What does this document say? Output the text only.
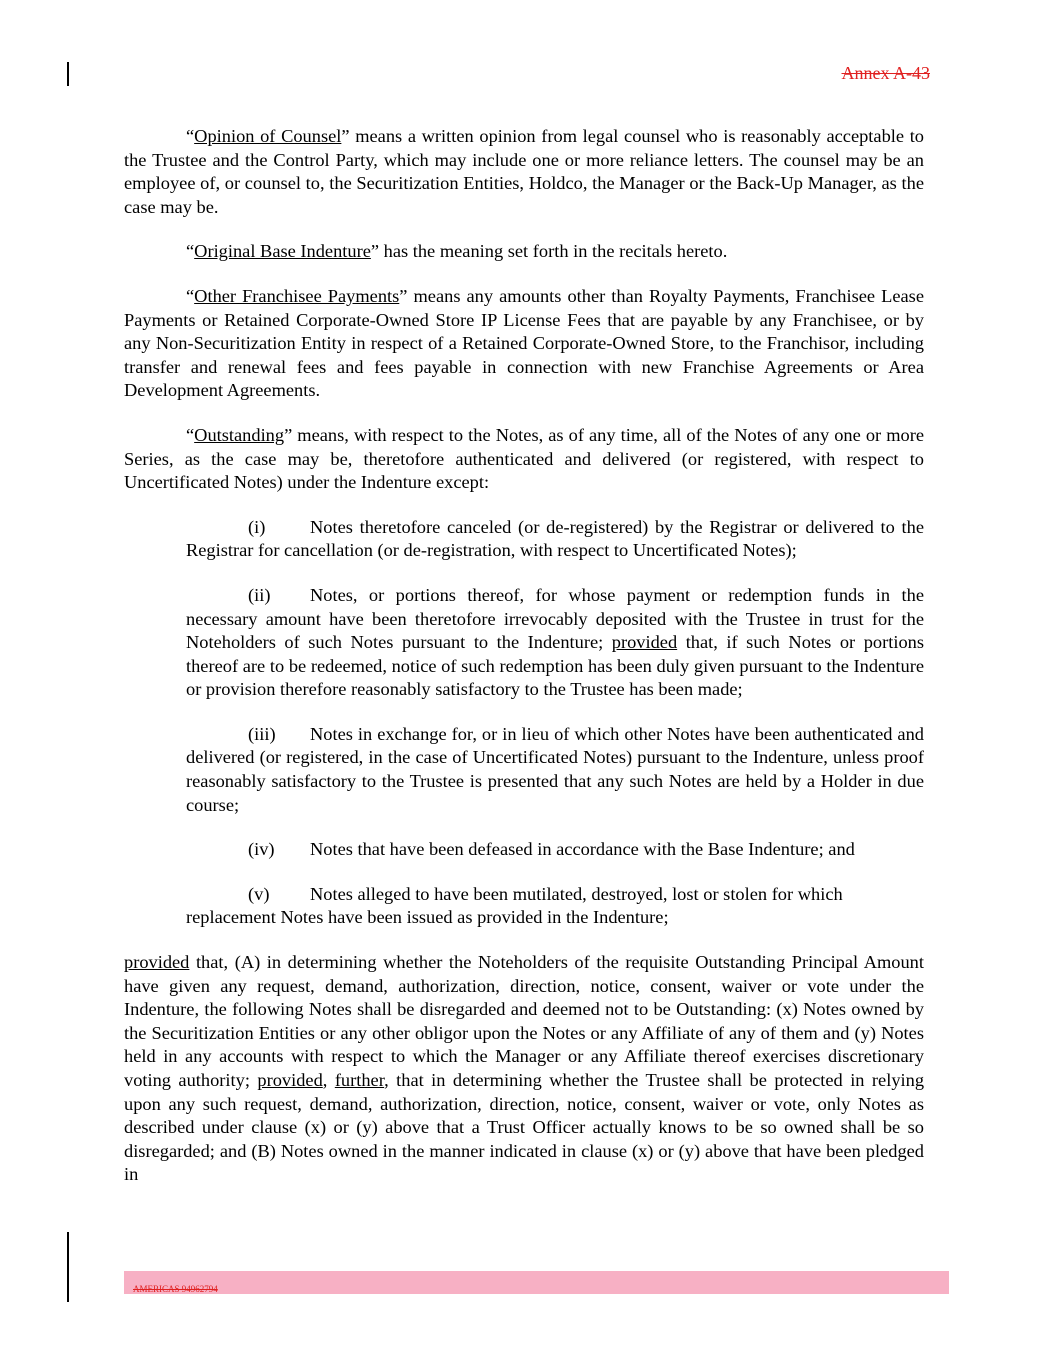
Annex A-43

“Opinion of Counsel” means a written opinion from legal counsel who is reasonably acceptable to the Trustee and the Control Party, which may include one or more reliance letters. The counsel may be an employee of, or counsel to, the Securitization Entities, Holdco, the Manager or the Back-Up Manager, as the case may be.

“Original Base Indenture” has the meaning set forth in the recitals hereto.

“Other Franchisee Payments” means any amounts other than Royalty Payments, Franchisee Lease Payments or Retained Corporate-Owned Store IP License Fees that are payable by any Franchisee, or by any Non-Securitization Entity in respect of a Retained Corporate-Owned Store, to the Franchisor, including transfer and renewal fees and fees payable in connection with new Franchise Agreements or Area Development Agreements.

“Outstanding” means, with respect to the Notes, as of any time, all of the Notes of any one or more Series, as the case may be, theretofore authenticated and delivered (or registered, with respect to Uncertificated Notes) under the Indenture except:

(i) Notes theretofore canceled (or de-registered) by the Registrar or delivered to the Registrar for cancellation (or de-registration, with respect to Uncertificated Notes);

(ii) Notes, or portions thereof, for whose payment or redemption funds in the necessary amount have been theretofore irrevocably deposited with the Trustee in trust for the Noteholders of such Notes pursuant to the Indenture; provided that, if such Notes or portions thereof are to be redeemed, notice of such redemption has been duly given pursuant to the Indenture or provision therefore reasonably satisfactory to the Trustee has been made;

(iii) Notes in exchange for, or in lieu of which other Notes have been authenticated and delivered (or registered, in the case of Uncertificated Notes) pursuant to the Indenture, unless proof reasonably satisfactory to the Trustee is presented that any such Notes are held by a Holder in due course;

(iv) Notes that have been defeased in accordance with the Base Indenture; and

(v) Notes alleged to have been mutilated, destroyed, lost or stolen for which replacement Notes have been issued as provided in the Indenture;

provided that, (A) in determining whether the Noteholders of the requisite Outstanding Principal Amount have given any request, demand, authorization, direction, notice, consent, waiver or vote under the Indenture, the following Notes shall be disregarded and deemed not to be Outstanding: (x) Notes owned by the Securitization Entities or any other obligor upon the Notes or any Affiliate of any of them and (y) Notes held in any accounts with respect to which the Manager or any Affiliate thereof exercises discretionary voting authority; provided, further, that in determining whether the Trustee shall be protected in relying upon any such request, demand, authorization, direction, notice, consent, waiver or vote, only Notes as described under clause (x) or (y) above that a Trust Officer actually knows to be so owned shall be so disregarded; and (B) Notes owned in the manner indicated in clause (x) or (y) above that have been pledged in

AMERICAS 94962794
